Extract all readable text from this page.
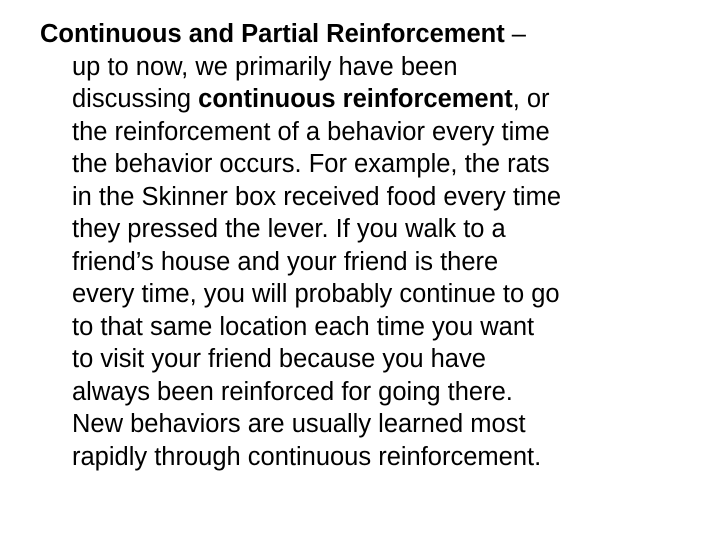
Continuous and Partial Reinforcement –
up to now, we primarily have been
discussing continuous reinforcement, or
the reinforcement of a behavior every time
the behavior occurs. For example, the rats
in the Skinner box received food every time
they pressed the lever. If you walk to a
friend’s house and your friend is there
every time, you will probably continue to go
to that same location each time you want
to visit your friend because you have
always been reinforced for going there.
New behaviors are usually learned most
rapidly through continuous reinforcement.
